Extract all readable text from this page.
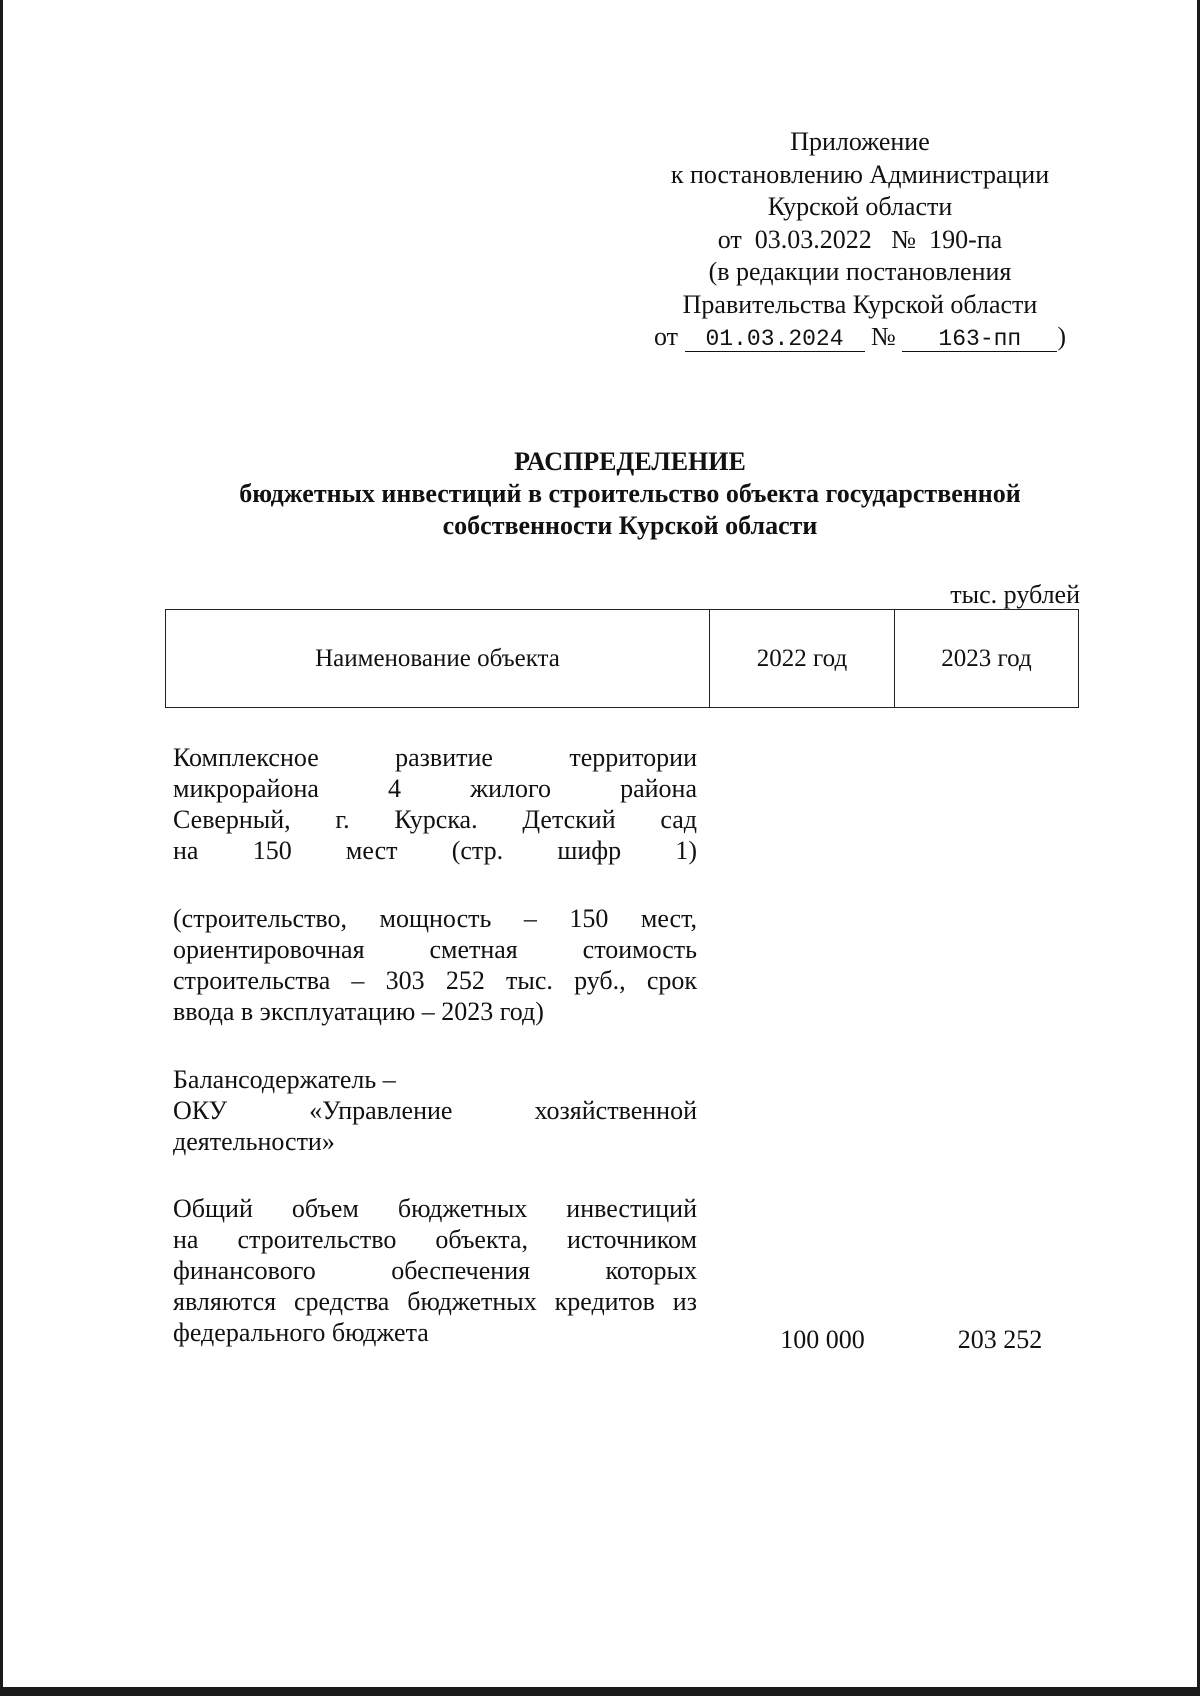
Приложение
к постановлению Администрации
Курской области
от  03.03.2022   №  190-па
(в редакции постановления
Правительства Курской области
от 01.03.2024 № 163-пп )
РАСПРЕДЕЛЕНИЕ
бюджетных инвестиций в строительство объекта государственной
собственности Курской области
тыс. рублей
Наименование объекта	2022 год	2023 год
Комплексное развитие территории
микрорайона 4 жилого района
Северный, г. Курска. Детский сад
на 150 мест (стр. шифр 1)
(строительство, мощность – 150 мест,
ориентировочная сметная стоимость
строительства – 303 252 тыс. руб., срок
ввода в эксплуатацию – 2023 год)
Балансодержатель –
ОКУ «Управление хозяйственной
деятельности»
Общий объем бюджетных инвестиций
на строительство объекта, источником
финансового обеспечения которых
являются средства бюджетных кредитов из
федерального бюджета	100 000	203 252
